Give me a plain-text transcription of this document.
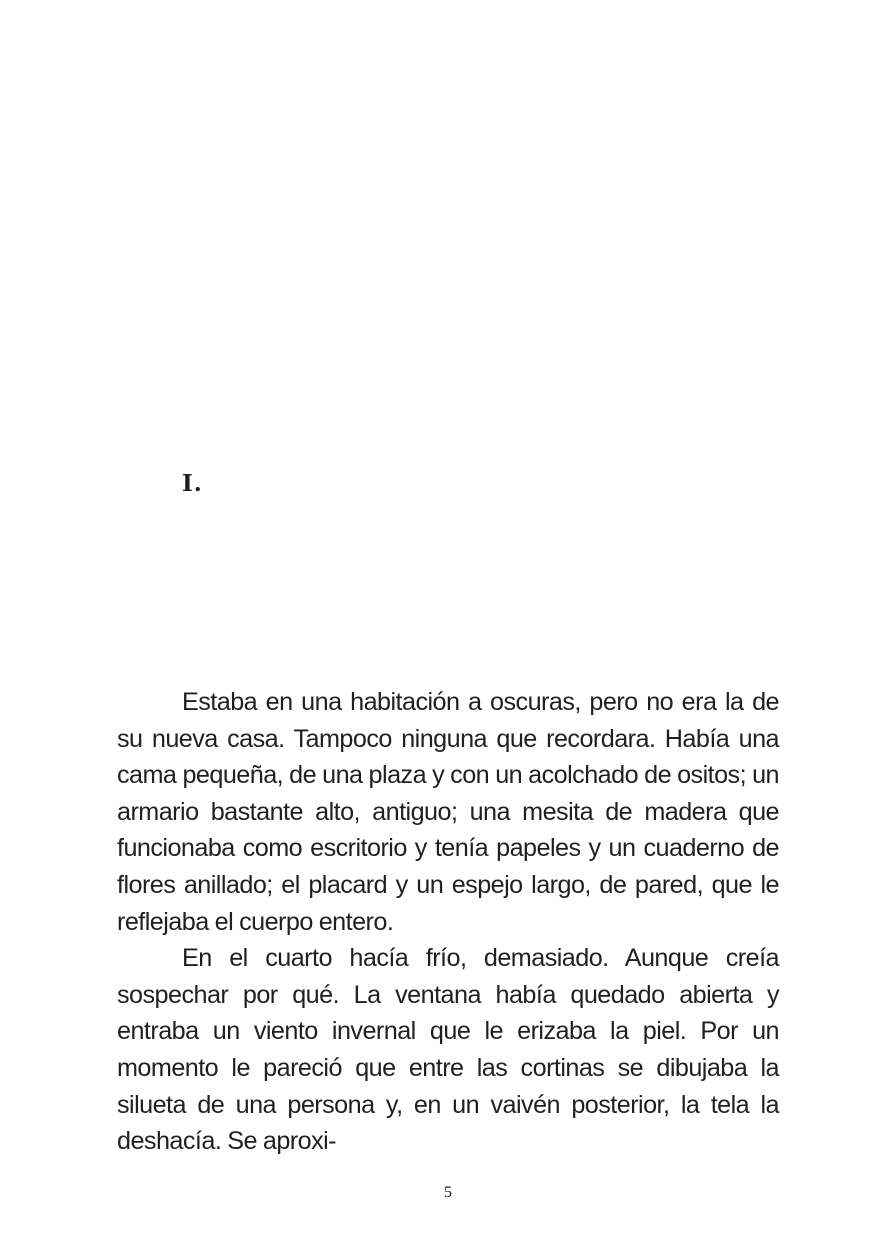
I.

Estaba en una habitación a oscuras, pero no era la de su nueva casa. Tampoco ninguna que recordara. Había una cama pequeña, de una plaza y con un acolchado de ositos; un armario bastante alto, antiguo; una mesita de madera que funcionaba como escritorio y tenía papeles y un cuaderno de flores anillado; el placard y un espejo largo, de pared, que le reflejaba el cuerpo entero.

En el cuarto hacía frío, demasiado. Aunque creía sospechar por qué. La ventana había quedado abierta y entraba un viento invernal que le erizaba la piel. Por un momento le pareció que entre las cortinas se dibujaba la silueta de una persona y, en un vaivén posterior, la tela la deshacía. Se aproxi-

5
